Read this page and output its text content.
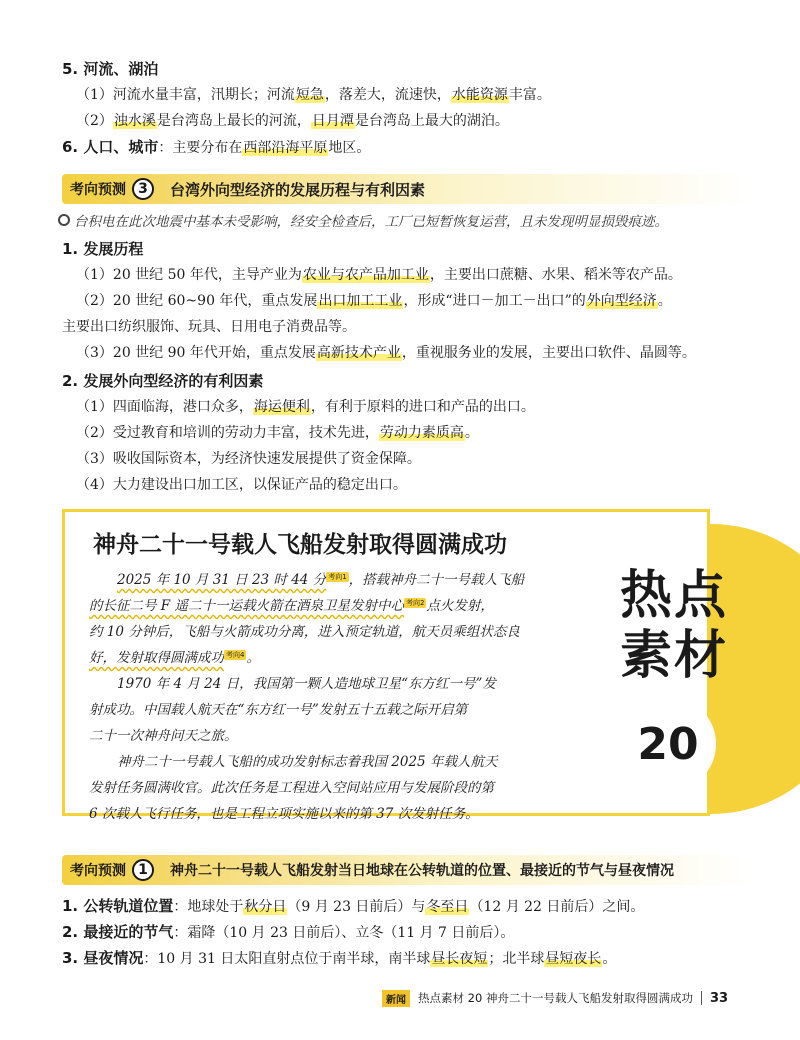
5. 河流、湖泊
（1）河流水量丰富，汛期长；河流短急，落差大，流速快，水能资源丰富。
（2）浊水溪是台湾岛上最长的河流，日月潭是台湾岛上最大的湖泊。
6. 人口、城市：主要分布在西部沿海平原地区。
考向预测 3	台湾外向型经济的发展历程与有利因素
台积电在此次地震中基本未受影响，经安全检查后，工厂已短暂恢复运营，且未发现明显损毁痕迹。
1. 发展历程
（1）20 世纪 50 年代，主导产业为农业与农产品加工业，主要出口蔗糖、水果、稻米等农产品。
（2）20 世纪 60~90 年代，重点发展出口加工工业，形成“进口－加工－出口”的外向型经济。
主要出口纺织服饰、玩具、日用电子消费品等。
（3）20 世纪 90 年代开始，重点发展高新技术产业，重视服务业的发展，主要出口软件、晶圆等。
2. 发展外向型经济的有利因素
（1）四面临海，港口众多，海运便利，有利于原料的进口和产品的出口。
（2）受过教育和培训的劳动力丰富，技术先进，劳动力素质高。
（3）吸收国际资本，为经济快速发展提供了资金保障。
（4）大力建设出口加工区，以保证产品的稳定出口。
神舟二十一号载人飞船发射取得圆满成功

2025 年 10 月 31 日 23 时 44 分 考向1 ，搭载神舟二十一号载人飞船

的长征二号 F 遥二十一运载火箭在酒泉卫星发射中心 考向2 点火发射，

约 10 分钟后，飞船与火箭成功分离，进入预定轨道，航天员乘组状态良

好，发射取得圆满成功 考向4 。

1970 年 4 月 24 日，我国第一颗人造地球卫星“东方红一号”发

射成功。中国载人航天在“东方红一号”发射五十五载之际开启第

二十一次神舟问天之旅。

神舟二十一号载人飞船的成功发射标志着我国 2025 年载人航天

发射任务圆满收官。此次任务是工程进入空间站应用与发展阶段的第

6 次载人飞行任务，也是工程立项实施以来的第 37 次发射任务。

热点
素材
20
考向预测 1	神舟二十一号载人飞船发射当日地球在公转轨道的位置、最接近的节气与昼夜情况
1. 公转轨道位置：地球处于秋分日（9 月 23 日前后）与冬至日（12 月 22 日前后）之间。
2. 最接近的节气：霜降（10 月 23 日前后）、立冬（11 月 7 日前后）。
3. 昼夜情况：10 月 31 日太阳直射点位于南半球，南半球昼长夜短；北半球昼短夜长。
新闻	热点素材 20 神舟二十一号载人飞船发射取得圆满成功 33
